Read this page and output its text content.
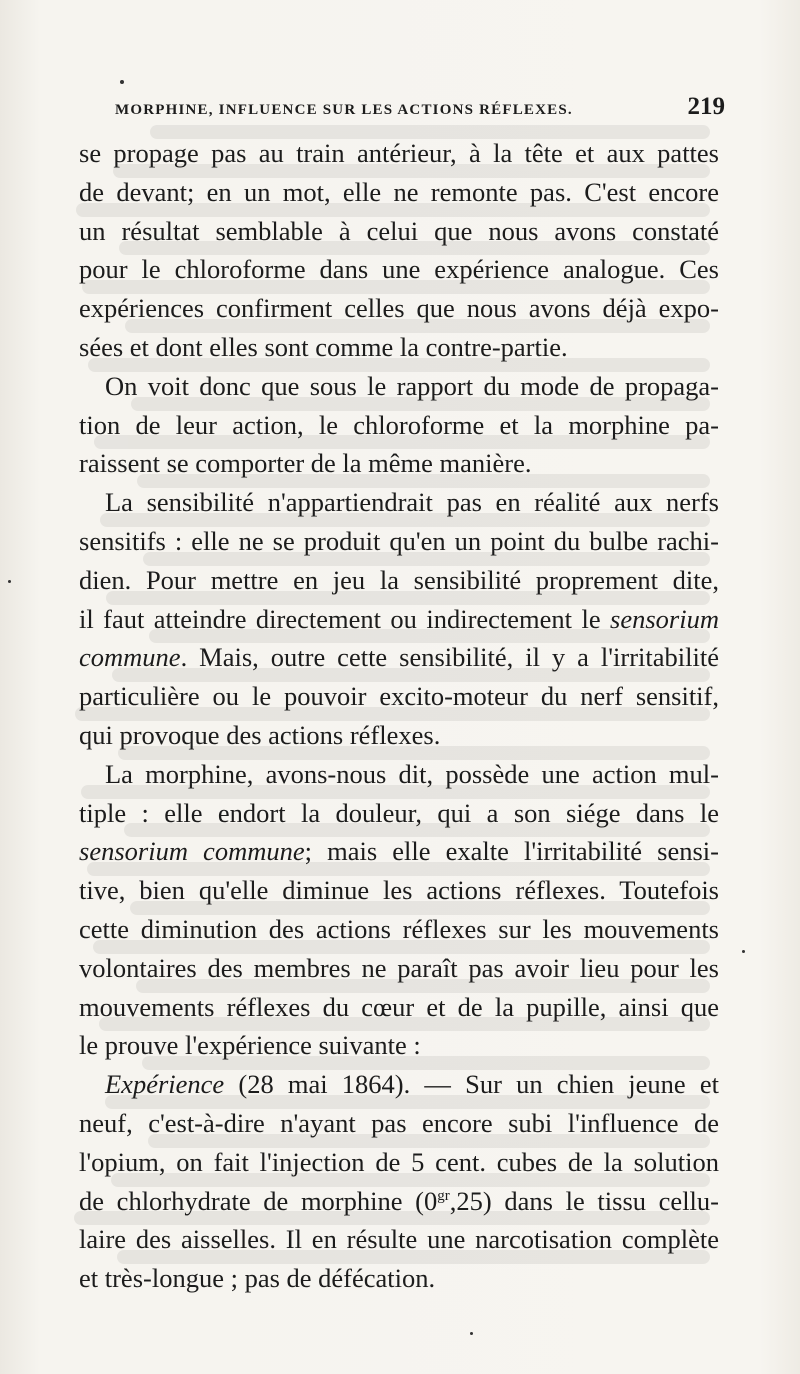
MORPHINE, INFLUENCE SUR LES ACTIONS RÉFLEXES.	219
se propage pas au train antérieur, à la tête et aux pattes
de devant; en un mot, elle ne remonte pas. C'est encore
un résultat semblable à celui que nous avons constaté
pour le chloroforme dans une expérience analogue. Ces
expériences confirment celles que nous avons déjà expo-
sées et dont elles sont comme la contre-partie.
On voit donc que sous le rapport du mode de propaga-
tion de leur action, le chloroforme et la morphine pa-
raissent se comporter de la même manière.
La sensibilité n'appartiendrait pas en réalité aux nerfs
sensitifs : elle ne se produit qu'en un point du bulbe rachi-
dien. Pour mettre en jeu la sensibilité proprement dite,
il faut atteindre directement ou indirectement le sensorium
commune. Mais, outre cette sensibilité, il y a l'irritabilité
particulière ou le pouvoir excito-moteur du nerf sensitif,
qui provoque des actions réflexes.
La morphine, avons-nous dit, possède une action mul-
tiple : elle endort la douleur, qui a son siége dans le
sensorium commune; mais elle exalte l'irritabilité sensi-
tive, bien qu'elle diminue les actions réflexes. Toutefois
cette diminution des actions réflexes sur les mouvements
volontaires des membres ne paraît pas avoir lieu pour les
mouvements réflexes du cœur et de la pupille, ainsi que
le prouve l'expérience suivante :
Expérience (28 mai 1864). — Sur un chien jeune et
neuf, c'est-à-dire n'ayant pas encore subi l'influence de
l'opium, on fait l'injection de 5 cent. cubes de la solution
de chlorhydrate de morphine $(0^{gr},25)$ dans le tissu cellu-
laire des aisselles. Il en résulte une narcotisation complète
et très-longue ; pas de défécation.
